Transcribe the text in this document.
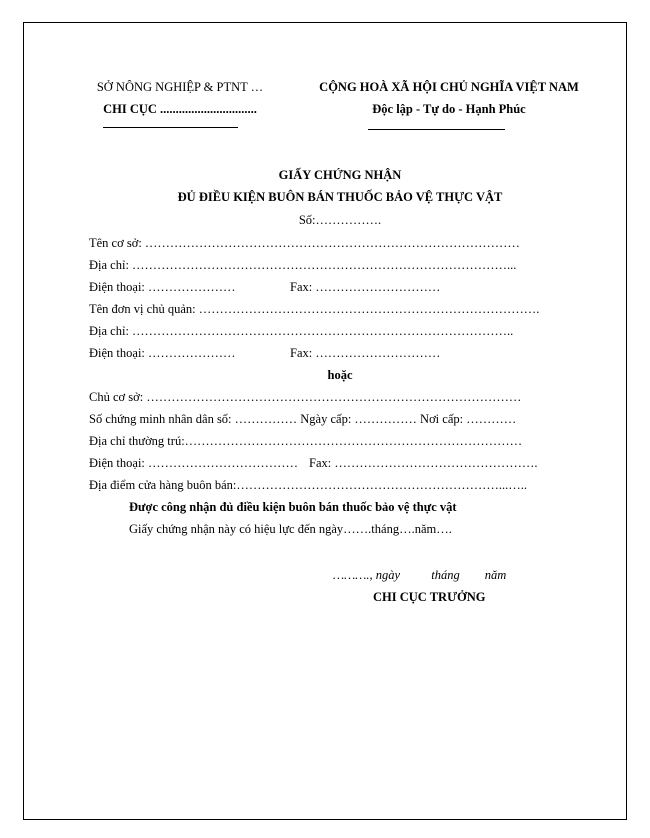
SỞ NÔNG NGHIỆP & PTNT …
CHI CỤC ...............................
CỘNG HOÀ XÃ HỘI CHỦ NGHĨA VIỆT NAM
Độc lập - Tự do - Hạnh Phúc
GIẤY CHỨNG NHẬN
ĐỦ ĐIỀU KIỆN BUÔN BÁN THUỐC BẢO VỆ THỰC VẬT
Số:…………….
Tên cơ sở: ………………………………………………………………………………
Địa chỉ: ………………………………………………………………………………...
Điện thoại: …………………	Fax: …………………………
Tên đơn vị chủ quản: ……………………………………………………………………….
Địa chỉ: ………………………………………………………………………………..
Điện thoại: …………………	Fax: …………………………
hoặc
Chủ cơ sở: ………………………………………………………………………………
Số chứng minh nhân dân số: …………… Ngày cấp: …………… Nơi cấp: …………
Địa chỉ thường trú:………………………………………………………………………
Điện thoại: ……………………………… Fax: ………………………………………….
Địa điểm cửa hàng buôn bán:………………………………………………………...…..
Được công nhận đủ điều kiện buôn bán thuốc bảo vệ thực vật
Giấy chứng nhận này có hiệu lực đến ngày…….tháng….năm….
………., ngày          tháng        năm
CHI CỤC TRƯỞNG
